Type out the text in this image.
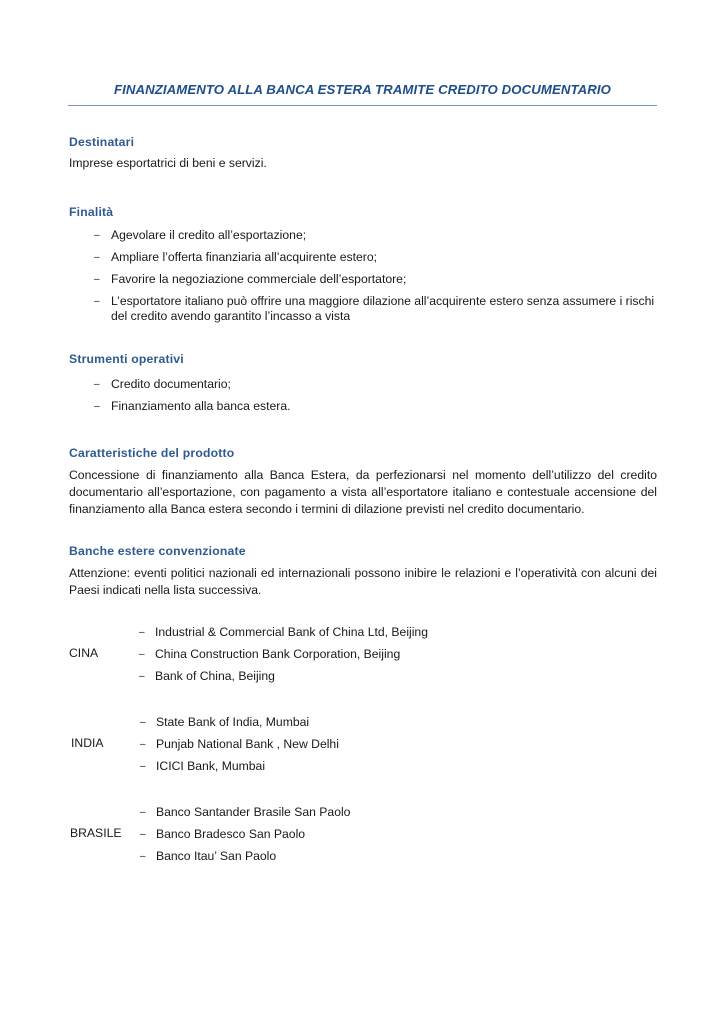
FINANZIAMENTO ALLA BANCA ESTERA TRAMITE CREDITO DOCUMENTARIO
Destinatari
Imprese esportatrici di beni e servizi.
Finalità
– Agevolare il credito all’esportazione;
– Ampliare l’offerta finanziaria all’acquirente estero;
– Favorire la negoziazione commerciale dell’esportatore;
– L’esportatore italiano può offrire una maggiore dilazione all’acquirente estero senza assumere i rischi del credito avendo garantito l’incasso a vista
Strumenti operativi
– Credito documentario;
– Finanziamento alla banca estera.
Caratteristiche del prodotto
Concessione di finanziamento alla Banca Estera, da perfezionarsi nel momento dell’utilizzo del credito documentario all’esportazione, con pagamento a vista all’esportatore italiano e contestuale accensione del finanziamento alla Banca estera secondo i termini di dilazione previsti nel credito documentario.
Banche estere convenzionate
Attenzione: eventi politici nazionali ed internazionali possono inibire le relazioni e l’operatività con alcuni dei Paesi indicati nella lista successiva.
CINA
– Industrial & Commercial Bank of China Ltd, Beijing
– China Construction Bank Corporation, Beijing
– Bank of China, Beijing
INDIA
– State Bank of India, Mumbai
– Punjab National Bank , New Delhi
– ICICI Bank, Mumbai
BRASILE
– Banco Santander Brasile San Paolo
– Banco Bradesco San Paolo
– Banco Itau’ San Paolo
